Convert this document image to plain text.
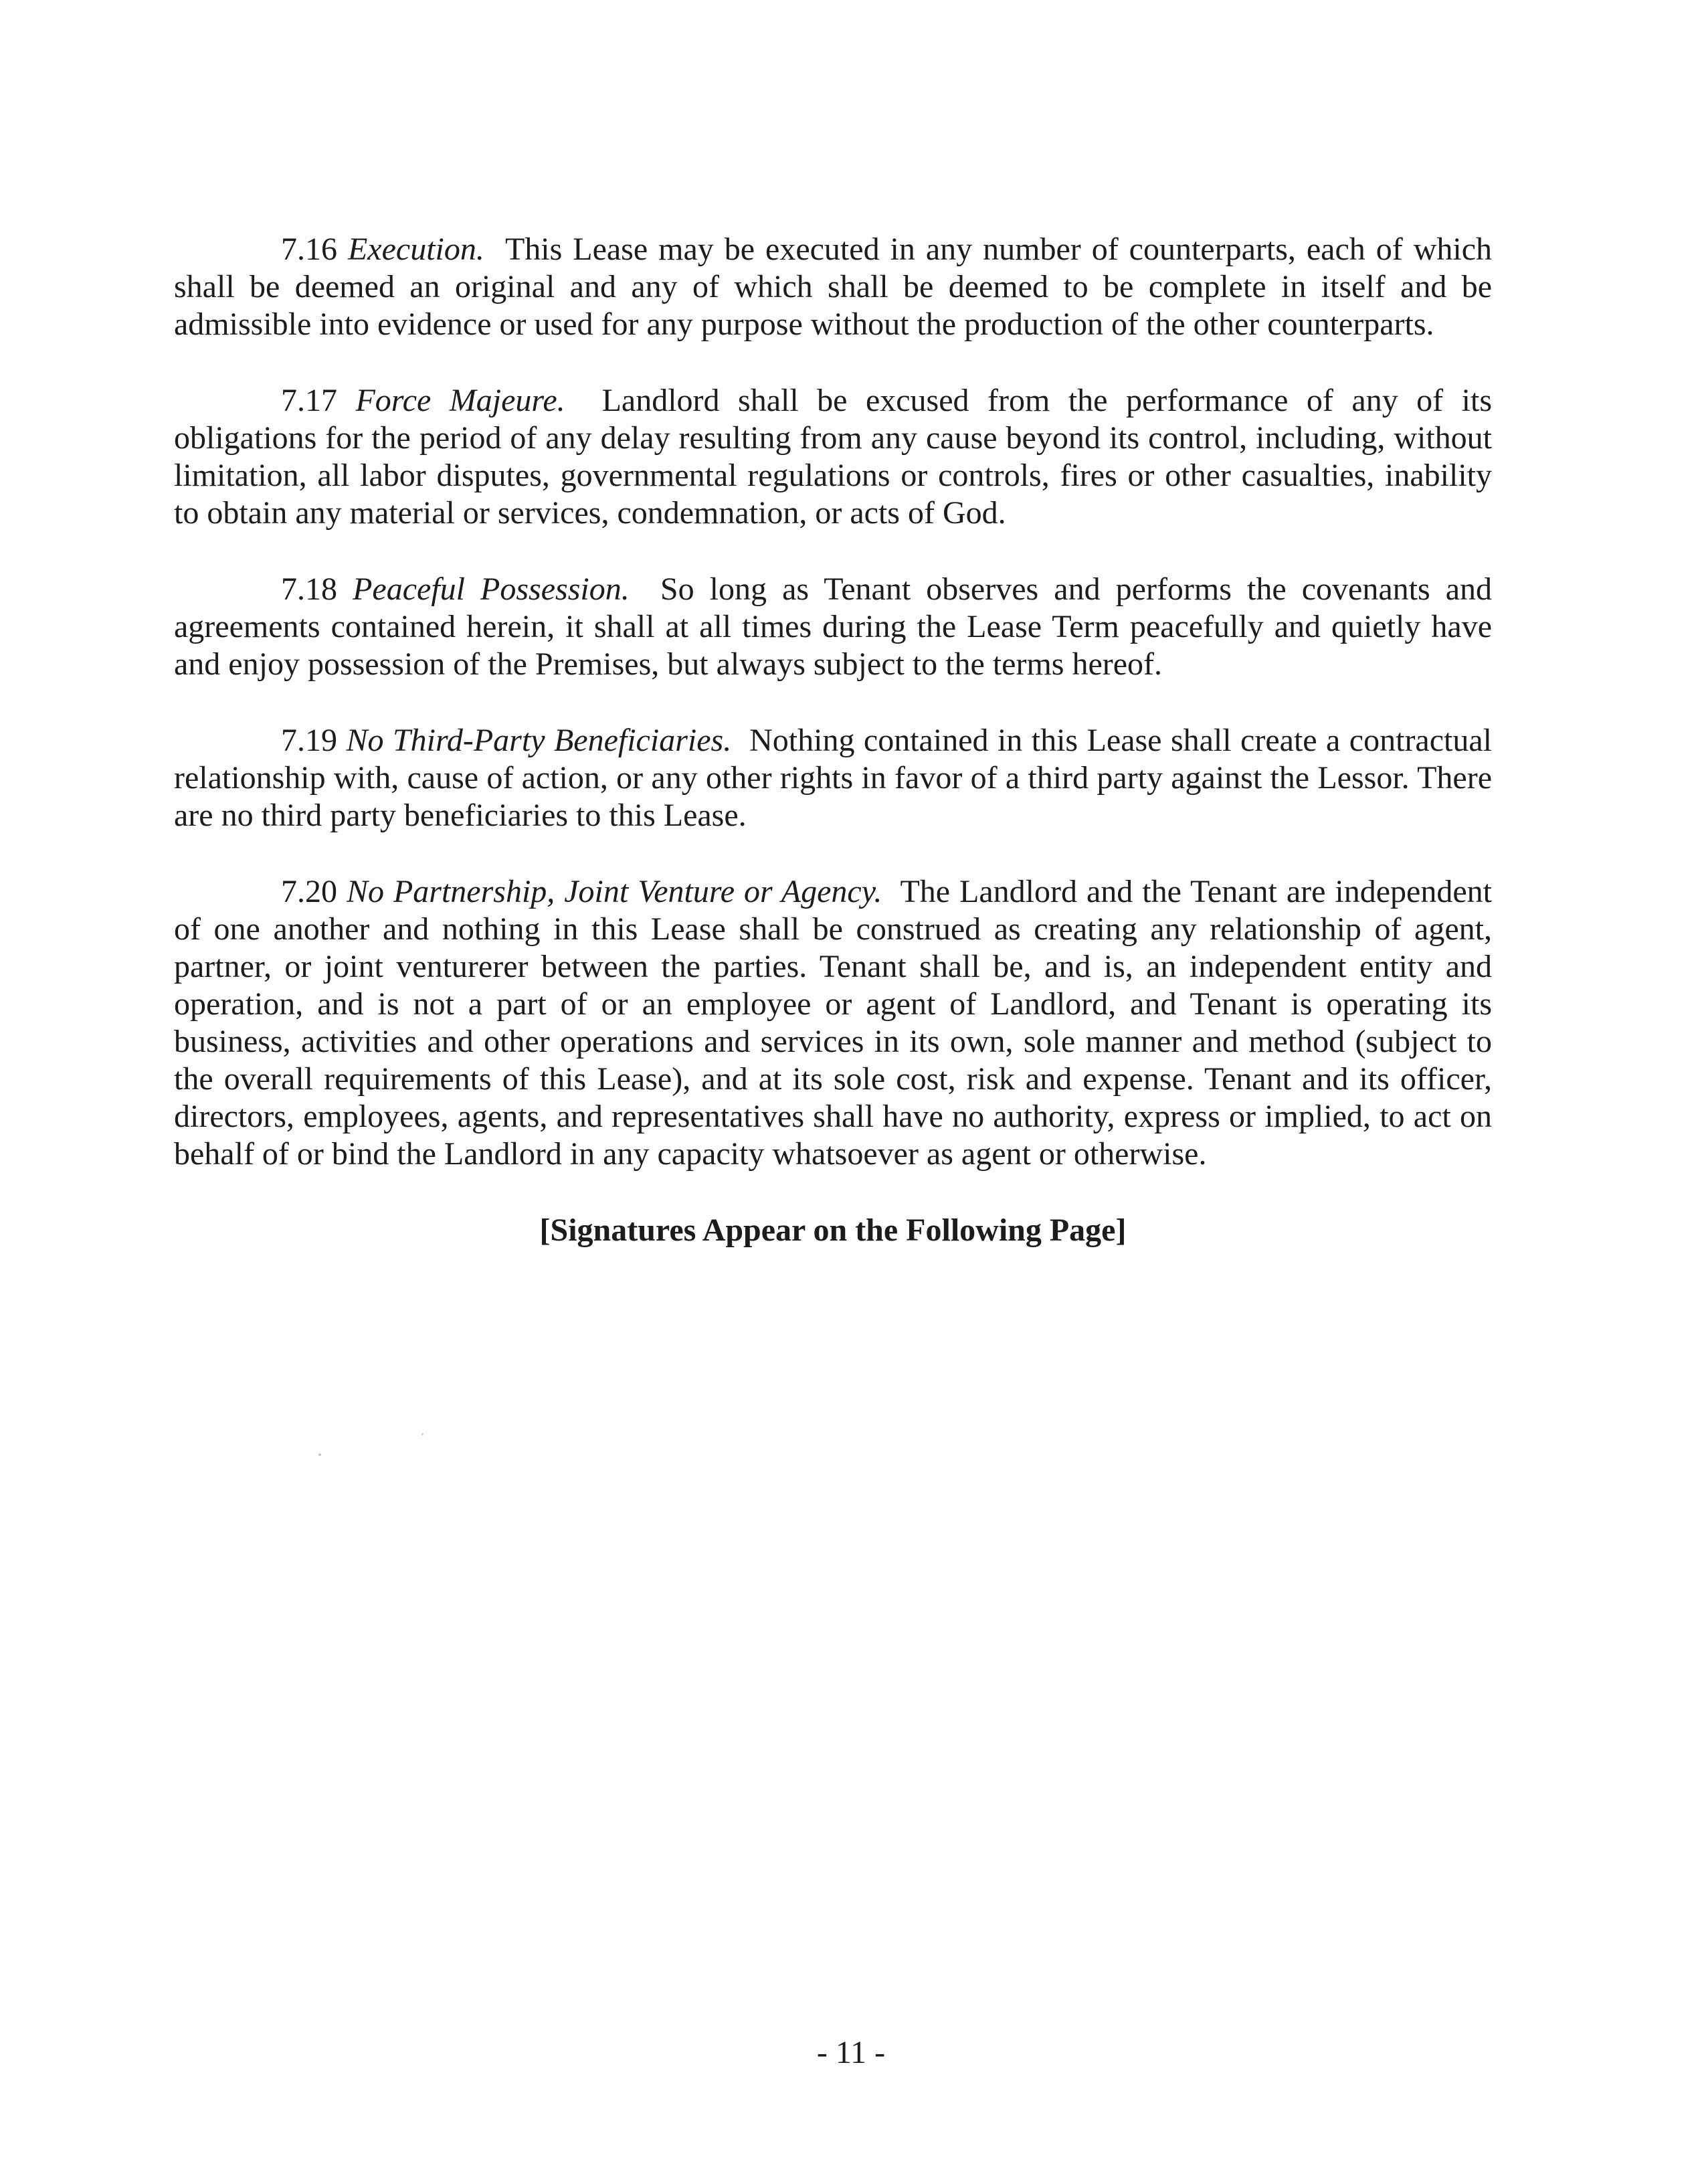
7.16 Execution. This Lease may be executed in any number of counterparts, each of which shall be deemed an original and any of which shall be deemed to be complete in itself and be admissible into evidence or used for any purpose without the production of the other counterparts.

7.17 Force Majeure. Landlord shall be excused from the performance of any of its obligations for the period of any delay resulting from any cause beyond its control, including, without limitation, all labor disputes, governmental regulations or controls, fires or other casualties, inability to obtain any material or services, condemnation, or acts of God.

7.18 Peaceful Possession. So long as Tenant observes and performs the covenants and agreements contained herein, it shall at all times during the Lease Term peacefully and quietly have and enjoy possession of the Premises, but always subject to the terms hereof.

7.19 No Third-Party Beneficiaries. Nothing contained in this Lease shall create a contractual relationship with, cause of action, or any other rights in favor of a third party against the Lessor. There are no third party beneficiaries to this Lease.

7.20 No Partnership, Joint Venture or Agency. The Landlord and the Tenant are independent of one another and nothing in this Lease shall be construed as creating any relationship of agent, partner, or joint venturerer between the parties. Tenant shall be, and is, an independent entity and operation, and is not a part of or an employee or agent of Landlord, and Tenant is operating its business, activities and other operations and services in its own, sole manner and method (subject to the overall requirements of this Lease), and at its sole cost, risk and expense. Tenant and its officer, directors, employees, agents, and representatives shall have no authority, express or implied, to act on behalf of or bind the Landlord in any capacity whatsoever as agent or otherwise.

[Signatures Appear on the Following Page]
- 11 -
